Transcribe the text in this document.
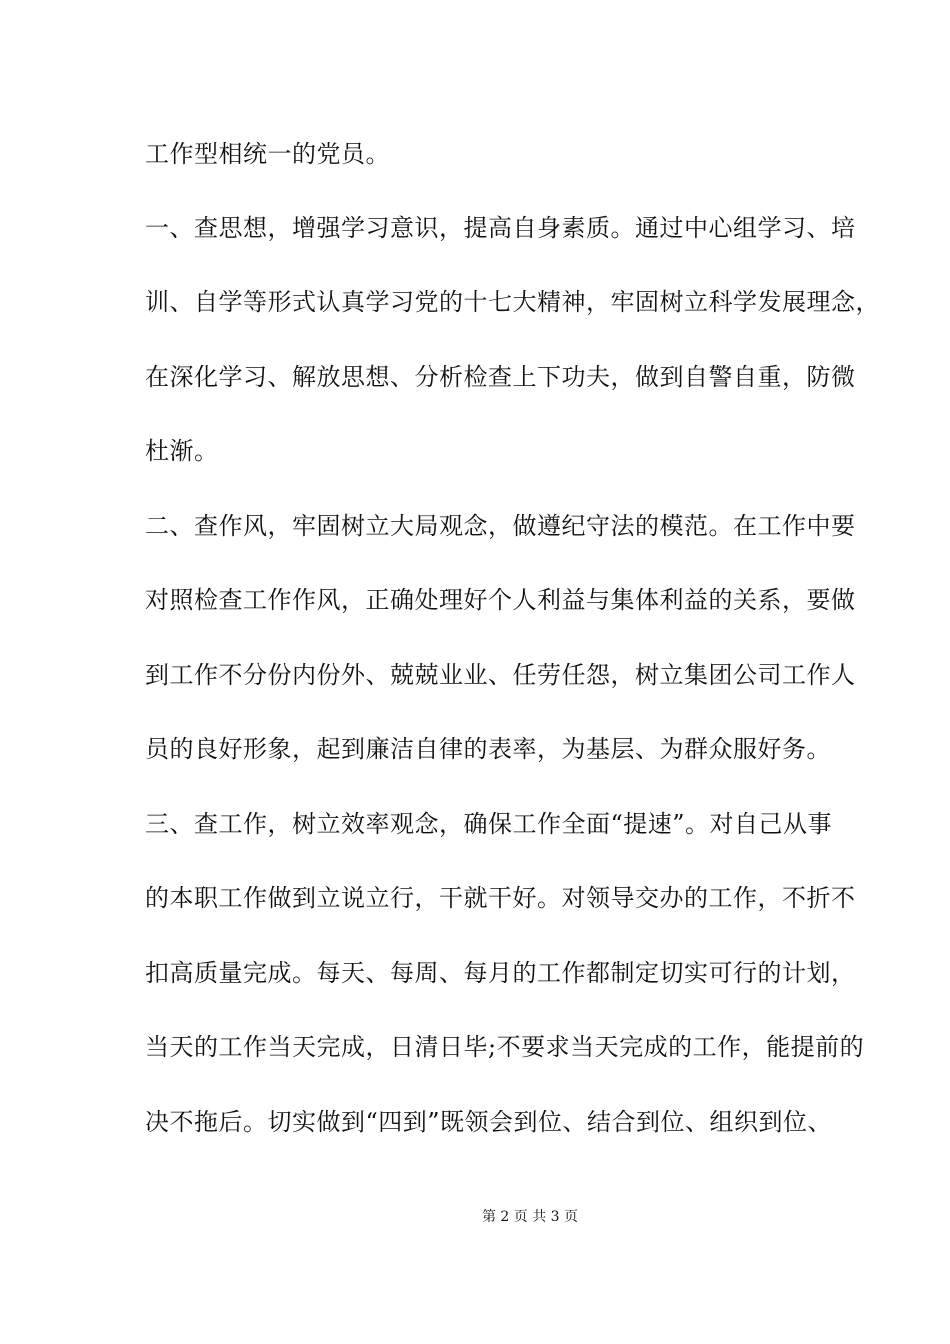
工作型相统一的党员。
一、查思想，增强学习意识，提高自身素质。通过中心组学习、培
训、自学等形式认真学习党的十七大精神，牢固树立科学发展理念，
在深化学习、解放思想、分析检查上下功夫，做到自警自重，防微
杜渐。
二、查作风，牢固树立大局观念，做遵纪守法的模范。在工作中要
对照检查工作作风，正确处理好个人利益与集体利益的关系，要做
到工作不分份内份外、兢兢业业、任劳任怨，树立集团公司工作人
员的良好形象，起到廉洁自律的表率，为基层、为群众服好务。
三、查工作，树立效率观念，确保工作全面“提速”。对自己从事
的本职工作做到立说立行，干就干好。对领导交办的工作，不折不
扣高质量完成。每天、每周、每月的工作都制定切实可行的计划，
当天的工作当天完成，日清日毕;不要求当天完成的工作，能提前的
决不拖后。切实做到“四到”既领会到位、结合到位、组织到位、
第 2 页 共 3 页
